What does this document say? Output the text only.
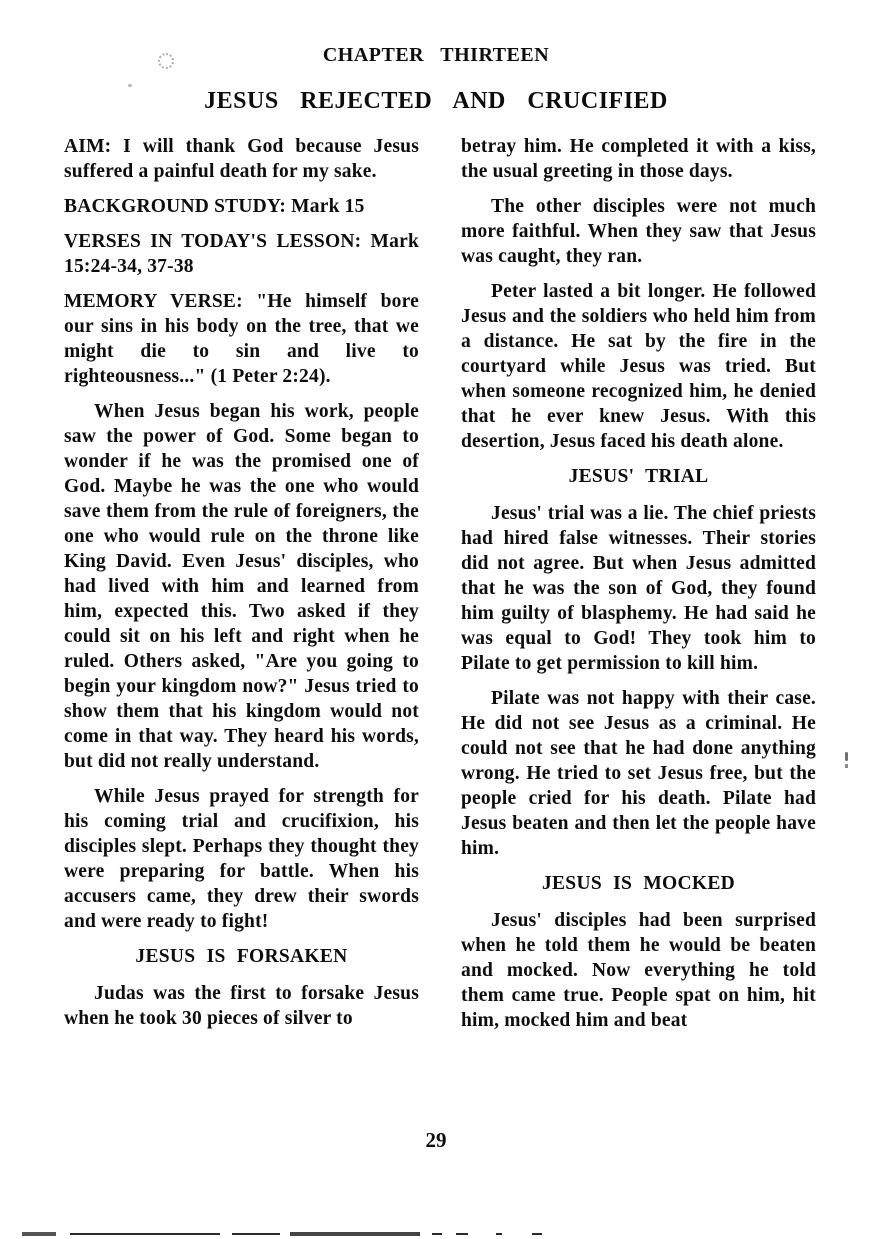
CHAPTER THIRTEEN
JESUS REJECTED AND CRUCIFIED

AIM: I will thank God because Jesus suffered a painful death for my sake.

BACKGROUND STUDY: Mark 15

VERSES IN TODAY'S LESSON: Mark 15:24-34, 37-38

MEMORY VERSE: "He himself bore our sins in his body on the tree, that we might die to sin and live to righteousness..." (1 Peter 2:24).

When Jesus began his work, people saw the power of God. Some began to wonder if he was the promised one of God. Maybe he was the one who would save them from the rule of foreigners, the one who would rule on the throne like King David. Even Jesus' disciples, who had lived with him and learned from him, expected this. Two asked if they could sit on his left and right when he ruled. Others asked, "Are you going to begin your kingdom now?" Jesus tried to show them that his kingdom would not come in that way. They heard his words, but did not really understand.

While Jesus prayed for strength for his coming trial and crucifixion, his disciples slept. Perhaps they thought they were preparing for battle. When his accusers came, they drew their swords and were ready to fight!

JESUS IS FORSAKEN

Judas was the first to forsake Jesus when he took 30 pieces of silver to

betray him. He completed it with a kiss, the usual greeting in those days.

The other disciples were not much more faithful. When they saw that Jesus was caught, they ran.

Peter lasted a bit longer. He followed Jesus and the soldiers who held him from a distance. He sat by the fire in the courtyard while Jesus was tried. But when someone recognized him, he denied that he ever knew Jesus. With this desertion, Jesus faced his death alone.

JESUS' TRIAL

Jesus' trial was a lie. The chief priests had hired false witnesses. Their stories did not agree. But when Jesus admitted that he was the son of God, they found him guilty of blasphemy. He had said he was equal to God! They took him to Pilate to get permission to kill him.

Pilate was not happy with their case. He did not see Jesus as a criminal. He could not see that he had done anything wrong. He tried to set Jesus free, but the people cried for his death. Pilate had Jesus beaten and then let the people have him.

JESUS IS MOCKED

Jesus' disciples had been surprised when he told them he would be beaten and mocked. Now everything he told them came true. People spat on him, hit him, mocked him and beat

29
